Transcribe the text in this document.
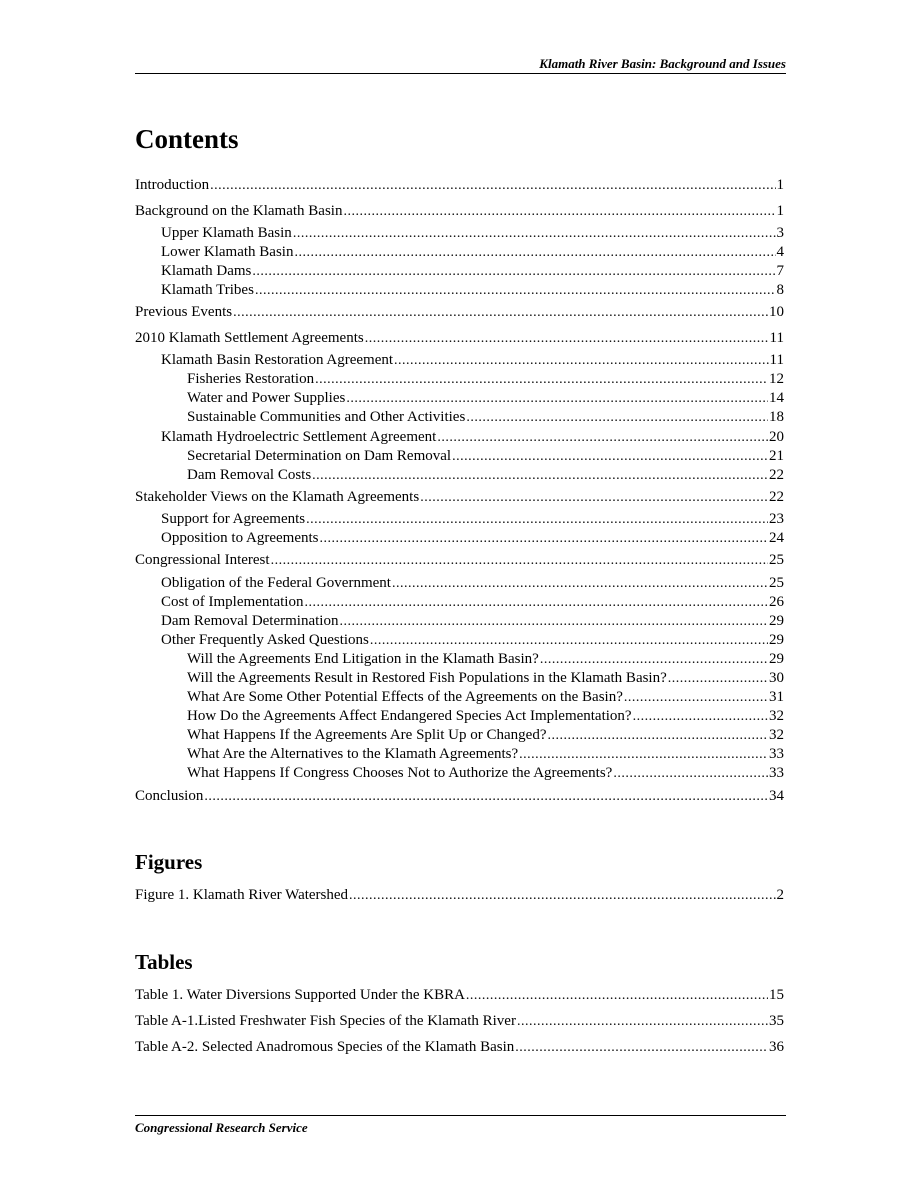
Klamath River Basin: Background and Issues
Contents
Introduction .....	1
Background on the Klamath Basin .....	1
Upper Klamath Basin .....	3
Lower Klamath Basin .....	4
Klamath Dams .....	7
Klamath Tribes .....	8
Previous Events .....	10
2010 Klamath Settlement Agreements .....	11
Klamath Basin Restoration Agreement .....	11
Fisheries Restoration .....	12
Water and Power Supplies .....	14
Sustainable Communities and Other Activities .....	18
Klamath Hydroelectric Settlement Agreement .....	20
Secretarial Determination on Dam Removal .....	21
Dam Removal Costs .....	22
Stakeholder Views on the Klamath Agreements .....	22
Support for Agreements .....	23
Opposition to Agreements .....	24
Congressional Interest .....	25
Obligation of the Federal Government .....	25
Cost of Implementation .....	26
Dam Removal Determination .....	29
Other Frequently Asked Questions .....	29
Will the Agreements End Litigation in the Klamath Basin? .....	29
Will the Agreements Result in Restored Fish Populations in the Klamath Basin? .....	30
What Are Some Other Potential Effects of the Agreements on the Basin? .....	31
How Do the Agreements Affect Endangered Species Act Implementation? .....	32
What Happens If the Agreements Are Split Up or Changed? .....	32
What Are the Alternatives to the Klamath Agreements? .....	33
What Happens If Congress Chooses Not to Authorize the Agreements? .....	33
Conclusion .....	34
Figures
Figure 1. Klamath River Watershed .....	2
Tables
Table 1. Water Diversions Supported Under the KBRA .....	15
Table A-1.Listed Freshwater Fish Species of the Klamath River .....	35
Table A-2. Selected Anadromous Species of the Klamath Basin .....	36
Congressional Research Service
